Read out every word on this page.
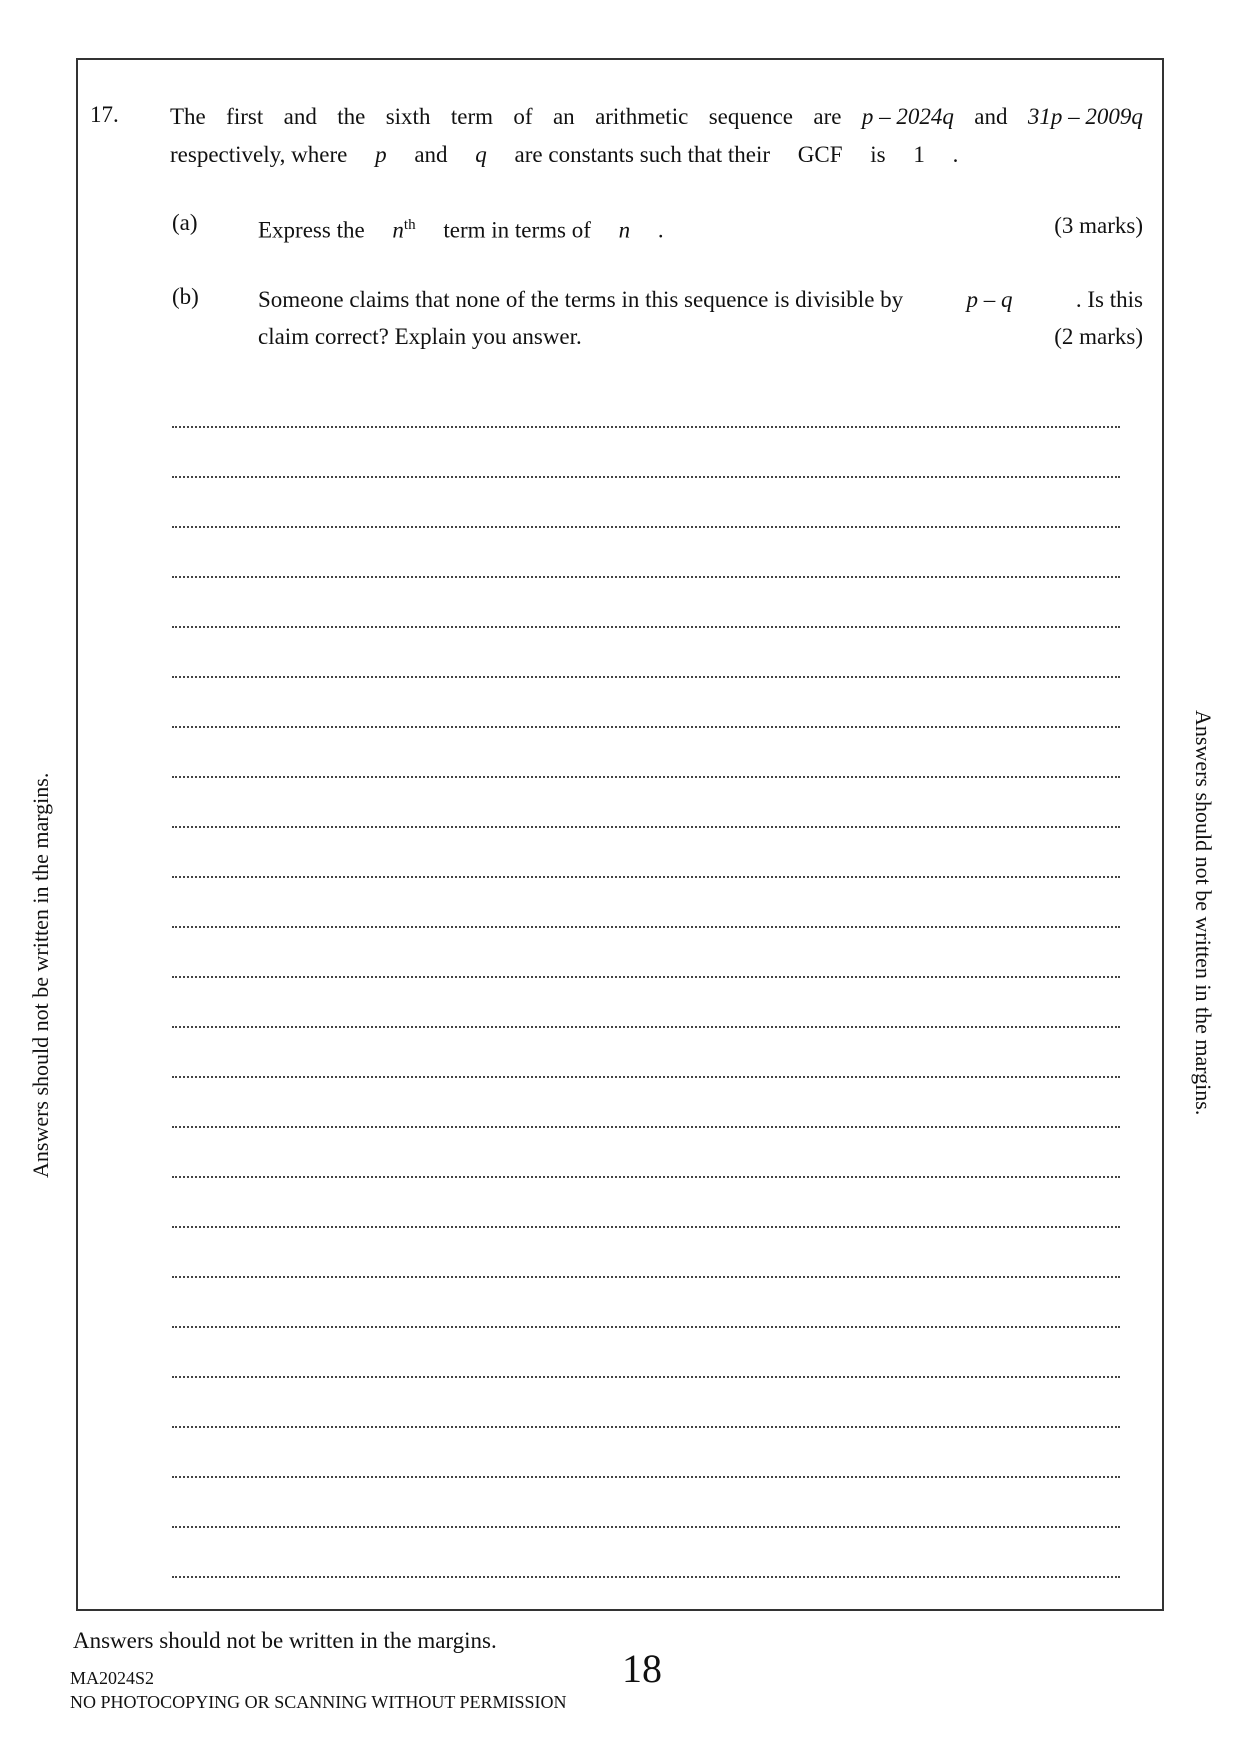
17. The first and the sixth term of an arithmetic sequence are p – 2024q and 31p – 2009q
respectively, where p and q are constants such that their GCF is 1 .
(a)	Express the $n^{th}$ term in terms of n .	(3 marks)
(b)	Someone claims that none of the terms in this sequence is divisible by	p – q	. Is this
claim correct? Explain you answer.	(2 marks)
Answers should not be written in the margins.	Answers should not be written in the margins.
Answers should not be written in the margins.
18
MA2024S2
NO PHOTOCOPYING OR SCANNING WITHOUT PERMISSION
